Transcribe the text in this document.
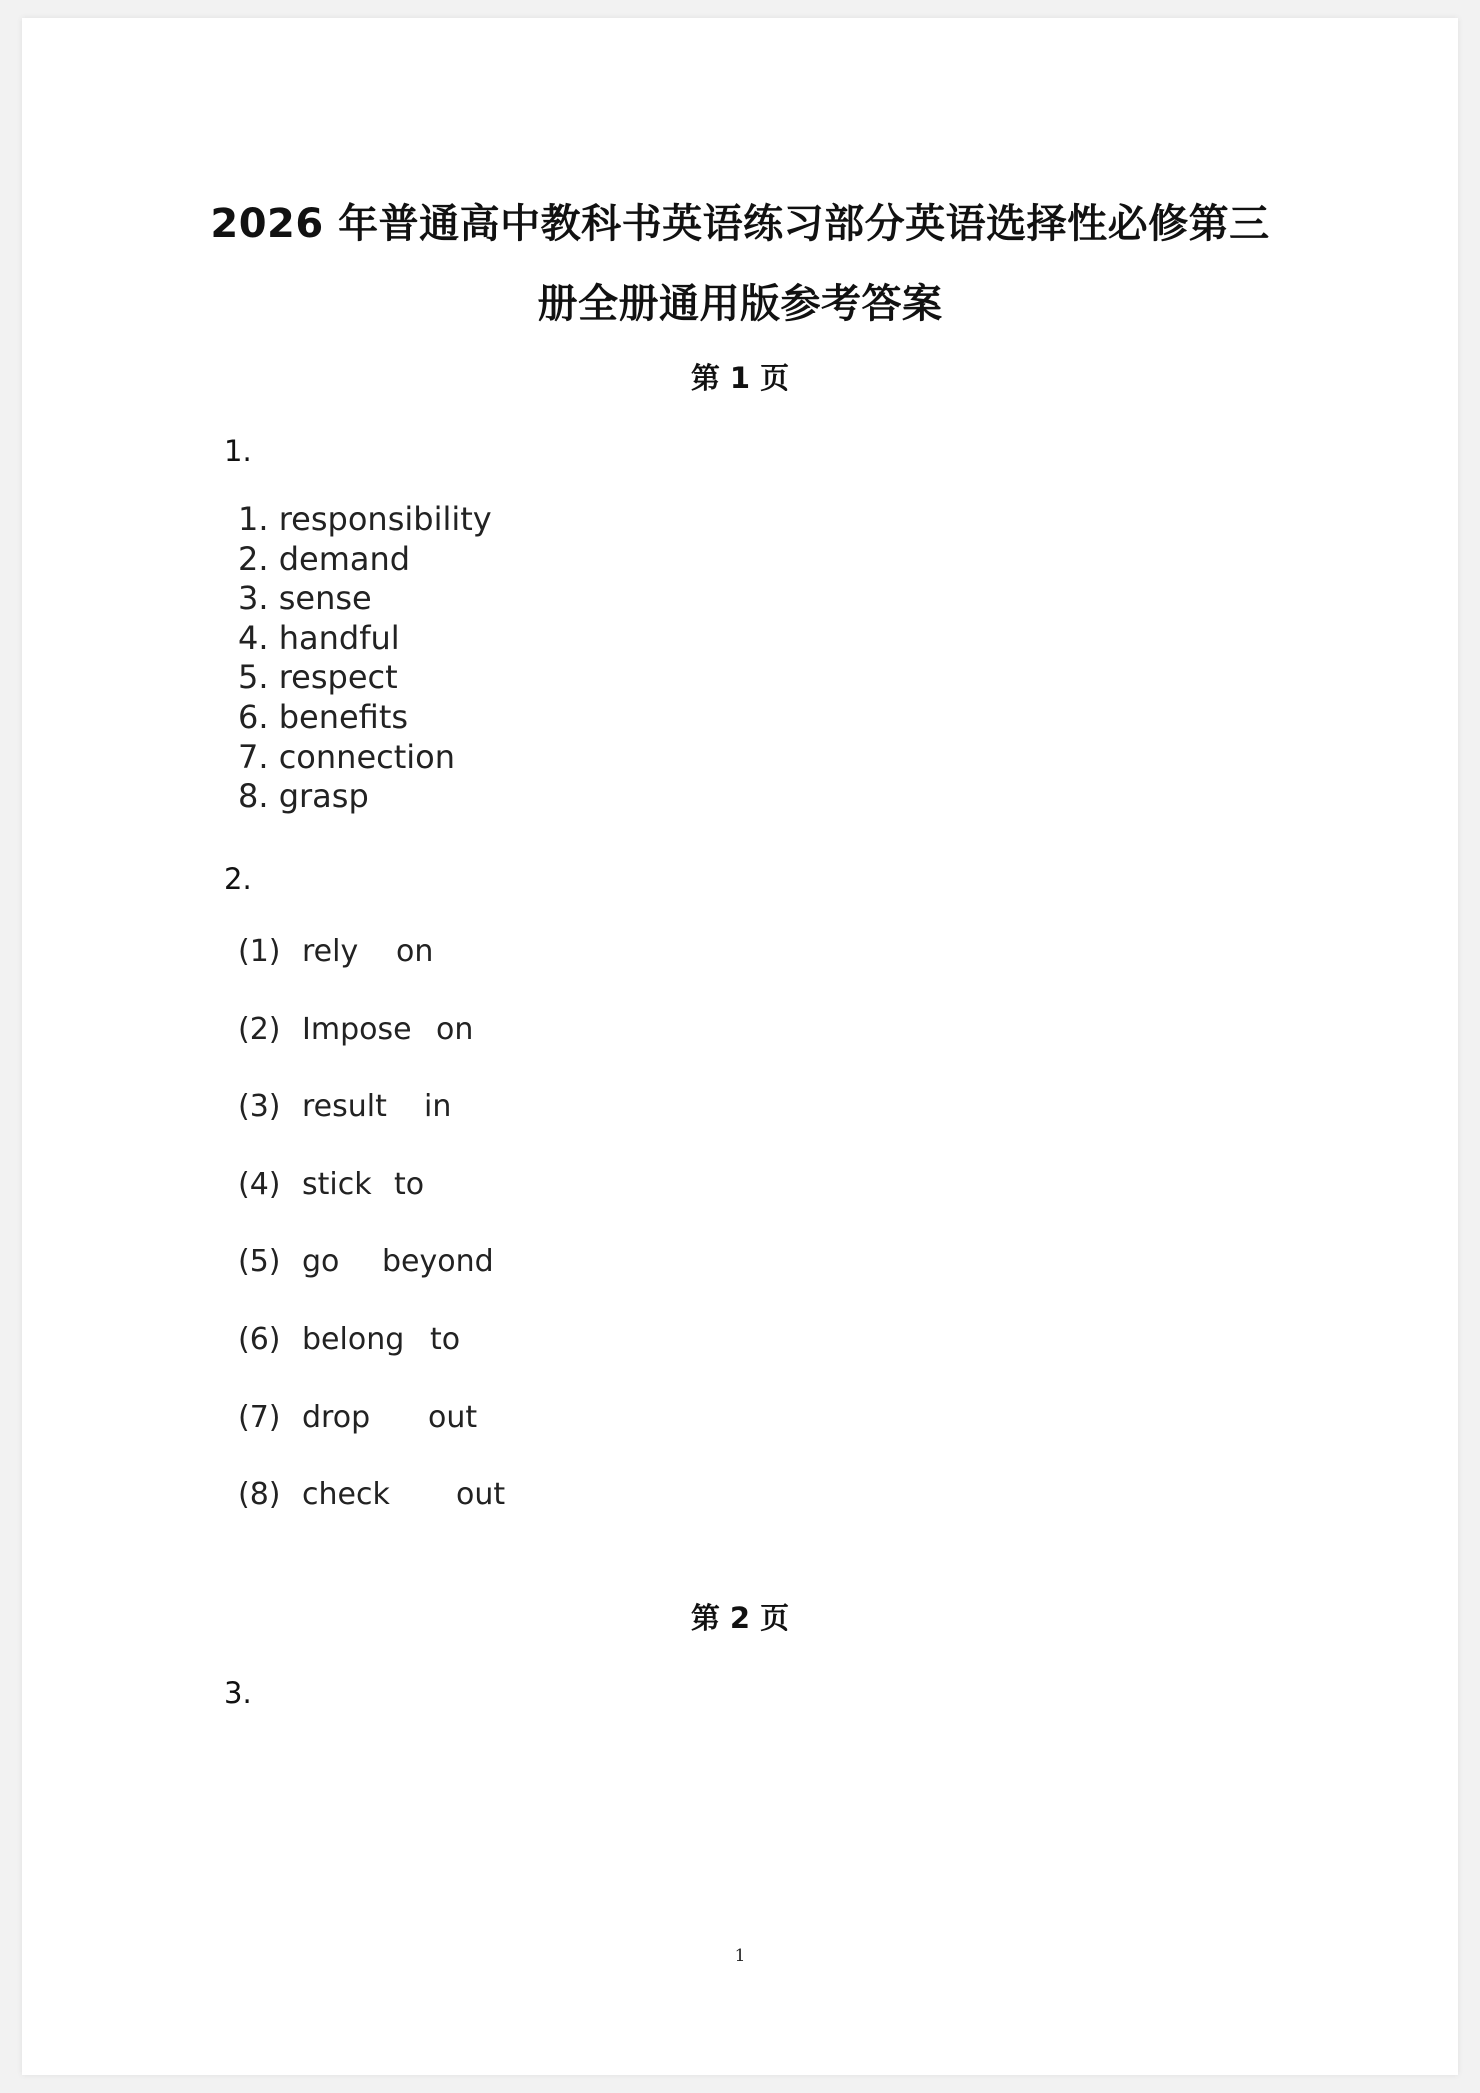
2026 年普通高中教科书英语练习部分英语选择性必修第三
册全册通用版参考答案
第 1 页
1.
1. responsibility
2. demand
3. sense
4. handful
5. respect
6. benefits
7. connection
8. grasp
2.
(1) rely on
(2) Impose on
(3) result in
(4) stick to
(5) go beyond
(6) belong to
(7) drop out
(8) check out
第 2 页
3.
1
